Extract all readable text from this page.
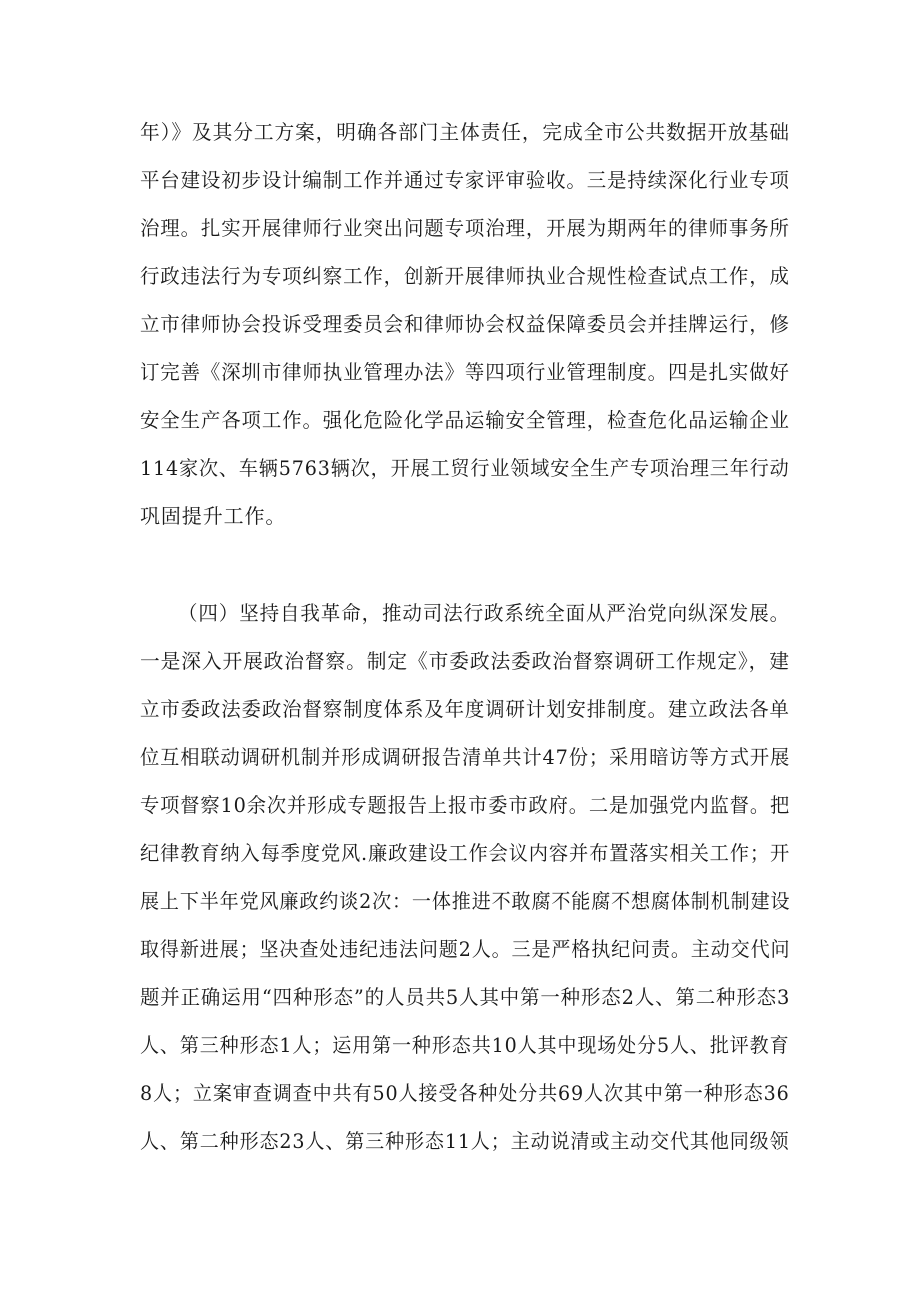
年）》及其分工方案，明确各部门主体责任，完成全市公共数据开放基础
平台建设初步设计编制工作并通过专家评审验收。三是持续深化行业专项
治理。扎实开展律师行业突出问题专项治理，开展为期两年的律师事务所
行政违法行为专项纠察工作，创新开展律师执业合规性检查试点工作，成
立市律师协会投诉受理委员会和律师协会权益保障委员会并挂牌运行，修
订完善《深圳市律师执业管理办法》等四项行业管理制度。四是扎实做好
安全生产各项工作。强化危险化学品运输安全管理，检查危化品运输企业
114家次、车辆5763辆次，开展工贸行业领域安全生产专项治理三年行动
巩固提升工作。
（四）坚持自我革命，推动司法行政系统全面从严治党向纵深发展。
一是深入开展政治督察。制定《市委政法委政治督察调研工作规定》，建
立市委政法委政治督察制度体系及年度调研计划安排制度。建立政法各单
位互相联动调研机制并形成调研报告清单共计47份；采用暗访等方式开展
专项督察10余次并形成专题报告上报市委市政府。二是加强党内监督。把
纪律教育纳入每季度党风.廉政建设工作会议内容并布置落实相关工作；开
展上下半年党风廉政约谈2次：一体推进不敢腐不能腐不想腐体制机制建设
取得新进展；坚决查处违纪违法问题2人。三是严格执纪问责。主动交代问
题并正确运用“四种形态”的人员共5人其中第一种形态2人、第二种形态3
人、第三种形态1人；运用第一种形态共10人其中现场处分5人、批评教育
8人；立案审查调查中共有50人接受各种处分共69人次其中第一种形态36
人、第二种形态23人、第三种形态11人；主动说清或主动交代其他同级领
